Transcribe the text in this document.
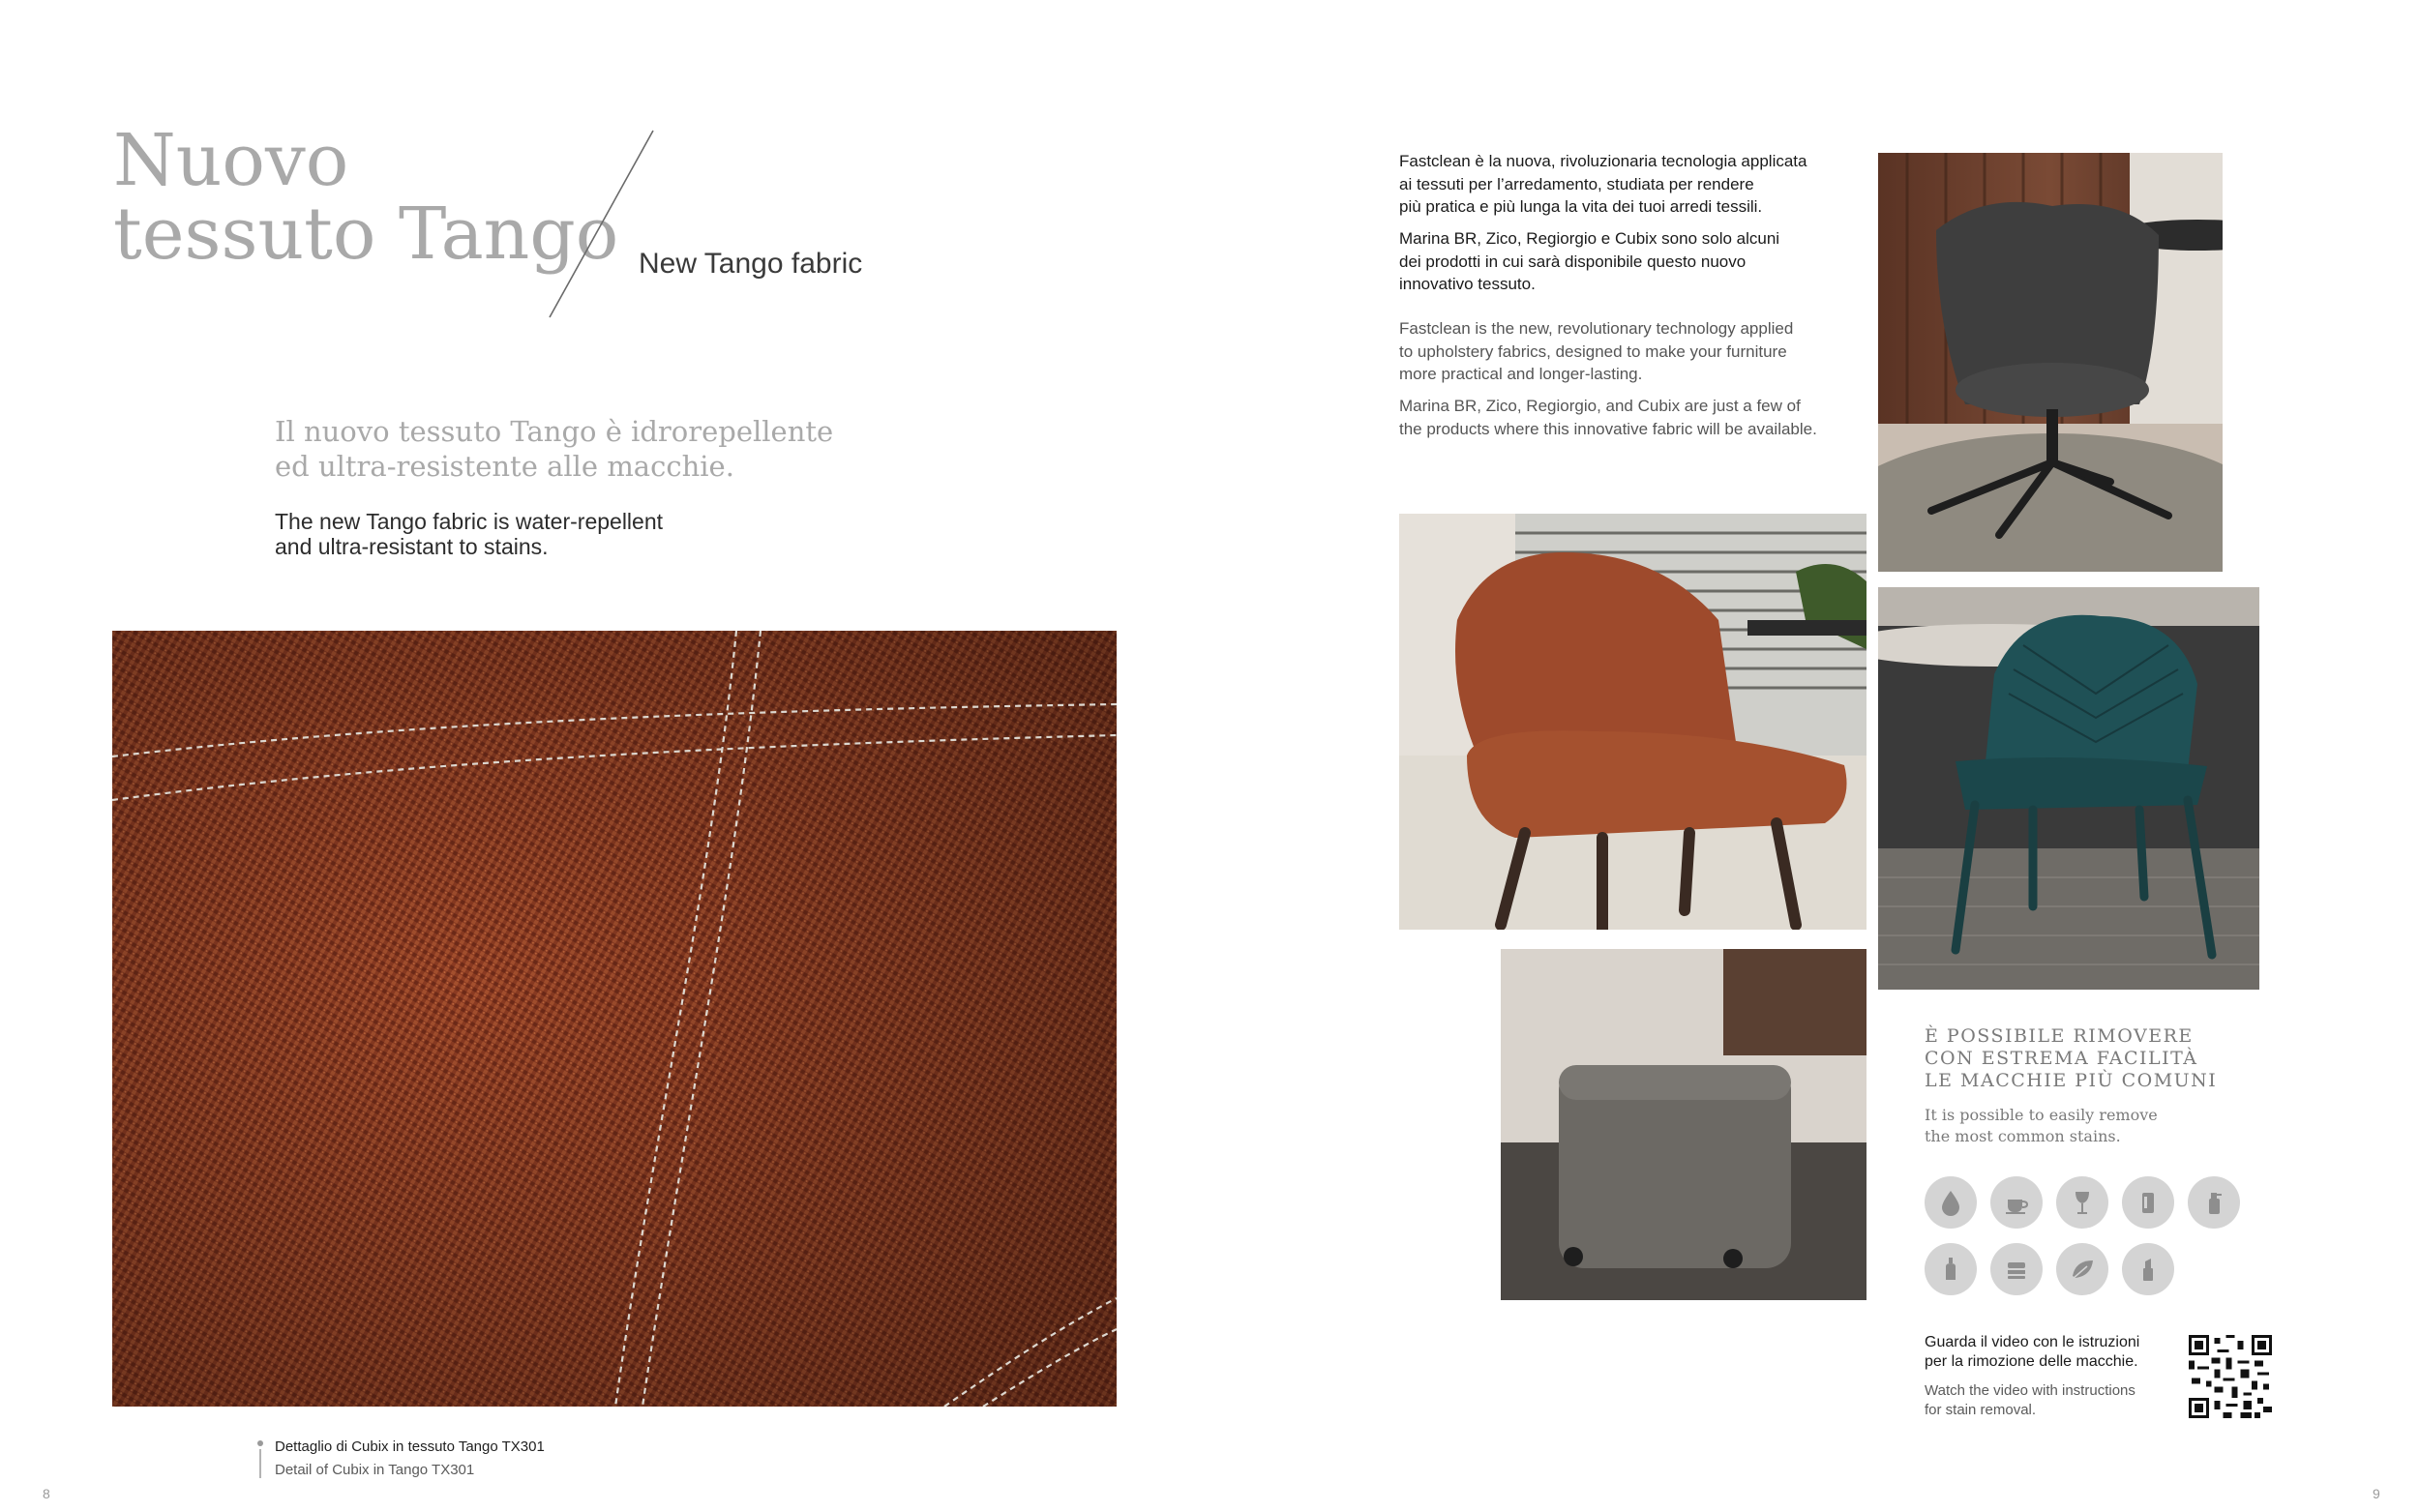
Nuovo
tessuto Tango New Tango fabric
Il nuovo tessuto Tango è idrorepellente
ed ultra-resistente alle macchie.
The new Tango fabric is water-repellent
and ultra-resistant to stains.
Dettaglio di Cubix in tessuto Tango TX301
Detail of Cubix in Tango TX301
8
Fastclean è la nuova, rivoluzionaria tecnologia applicata
ai tessuti per l’arredamento, studiata per rendere
più pratica e più lunga la vita dei tuoi arredi tessili.
Marina BR, Zico, Regiorgio e Cubix sono solo alcuni
dei prodotti in cui sarà disponibile questo nuovo
innovativo tessuto.
Fastclean is the new, revolutionary technology applied
to upholstery fabrics, designed to make your furniture
more practical and longer-lasting.
Marina BR, Zico, Regiorgio, and Cubix are just a few of
the products where this innovative fabric will be available.
È POSSIBILE RIMOVERE
CON ESTREMA FACILITÀ
LE MACCHIE PIÙ COMUNI
It is possible to easily remove
the most common stains.
Guarda il video con le istruzioni
per la rimozione delle macchie.
Watch the video with instructions
for stain removal.
9
